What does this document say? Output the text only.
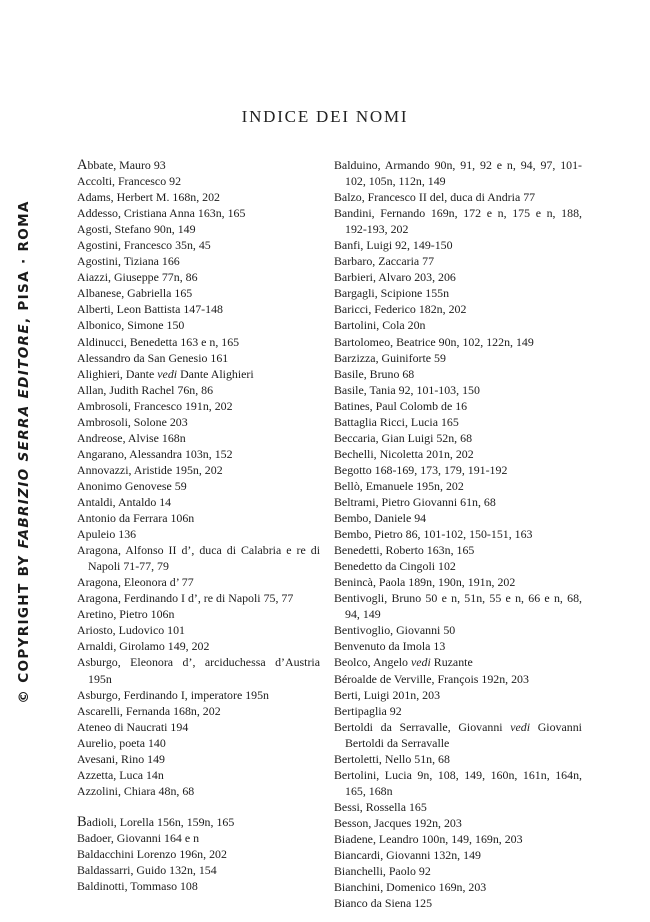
© COPYRIGHT BY FABRIZIO SERRA EDITORE, PISA · ROMA
INDICE DEI NOMI
Abbate, Mauro 93
Accolti, Francesco 92
Adams, Herbert M. 168n, 202
Addesso, Cristiana Anna 163n, 165
Agosti, Stefano 90n, 149
Agostini, Francesco 35n, 45
Agostini, Tiziana 166
Aiazzi, Giuseppe 77n, 86
Albanese, Gabriella 165
Alberti, Leon Battista 147-148
Albonico, Simone 150
Aldinucci, Benedetta 163 e n, 165
Alessandro da San Genesio 161
Alighieri, Dante vedi Dante Alighieri
Allan, Judith Rachel 76n, 86
Ambrosoli, Francesco 191n, 202
Ambrosoli, Solone 203
Andreose, Alvise 168n
Angarano, Alessandra 103n, 152
Annovazzi, Aristide 195n, 202
Anonimo Genovese 59
Antaldi, Antaldo 14
Antonio da Ferrara 106n
Apuleio 136
Aragona, Alfonso II d’, duca di Calabria e re di Napoli 71-77, 79
Aragona, Eleonora d’ 77
Aragona, Ferdinando I d’, re di Napoli 75, 77
Aretino, Pietro 106n
Ariosto, Ludovico 101
Arnaldi, Girolamo 149, 202
Asburgo, Eleonora d’, arciduchessa d’Austria 195n
Asburgo, Ferdinando I, imperatore 195n
Ascarelli, Fernanda 168n, 202
Ateneo di Naucrati 194
Aurelio, poeta 140
Avesani, Rino 149
Azzetta, Luca 14n
Azzolini, Chiara 48n, 68
Badioli, Lorella 156n, 159n, 165
Badoer, Giovanni 164 e n
Baldacchini Lorenzo 196n, 202
Baldassarri, Guido 132n, 154
Baldinotti, Tommaso 108
Balduino, Armando 90n, 91, 92 e n, 94, 97, 101-102, 105n, 112n, 149
Balzo, Francesco II del, duca di Andria 77
Bandini, Fernando 169n, 172 e n, 175 e n, 188, 192-193, 202
Banfi, Luigi 92, 149-150
Barbaro, Zaccaria 77
Barbieri, Alvaro 203, 206
Bargagli, Scipione 155n
Baricci, Federico 182n, 202
Bartolini, Cola 20n
Bartolomeo, Beatrice 90n, 102, 122n, 149
Barzizza, Guiniforte 59
Basile, Bruno 68
Basile, Tania 92, 101-103, 150
Batines, Paul Colomb de 16
Battaglia Ricci, Lucia 165
Beccaria, Gian Luigi 52n, 68
Bechelli, Nicoletta 201n, 202
Begotto 168-169, 173, 179, 191-192
Bellò, Emanuele 195n, 202
Beltrami, Pietro Giovanni 61n, 68
Bembo, Daniele 94
Bembo, Pietro 86, 101-102, 150-151, 163
Benedetti, Roberto 163n, 165
Benedetto da Cingoli 102
Benincà, Paola 189n, 190n, 191n, 202
Bentivogli, Bruno 50 e n, 51n, 55 e n, 66 e n, 68, 94, 149
Bentivoglio, Giovanni 50
Benvenuto da Imola 13
Beolco, Angelo vedi Ruzante
Béroalde de Verville, François 192n, 203
Berti, Luigi 201n, 203
Bertipaglia 92
Bertoldi da Serravalle, Giovanni vedi Giovanni Bertoldi da Serravalle
Bertoletti, Nello 51n, 68
Bertolini, Lucia 9n, 108, 149, 160n, 161n, 164n, 165, 168n
Bessi, Rossella 165
Besson, Jacques 192n, 203
Biadene, Leandro 100n, 149, 169n, 203
Biancardi, Giovanni 132n, 149
Bianchelli, Paolo 92
Bianchini, Domenico 169n, 203
Bianco da Siena 125
